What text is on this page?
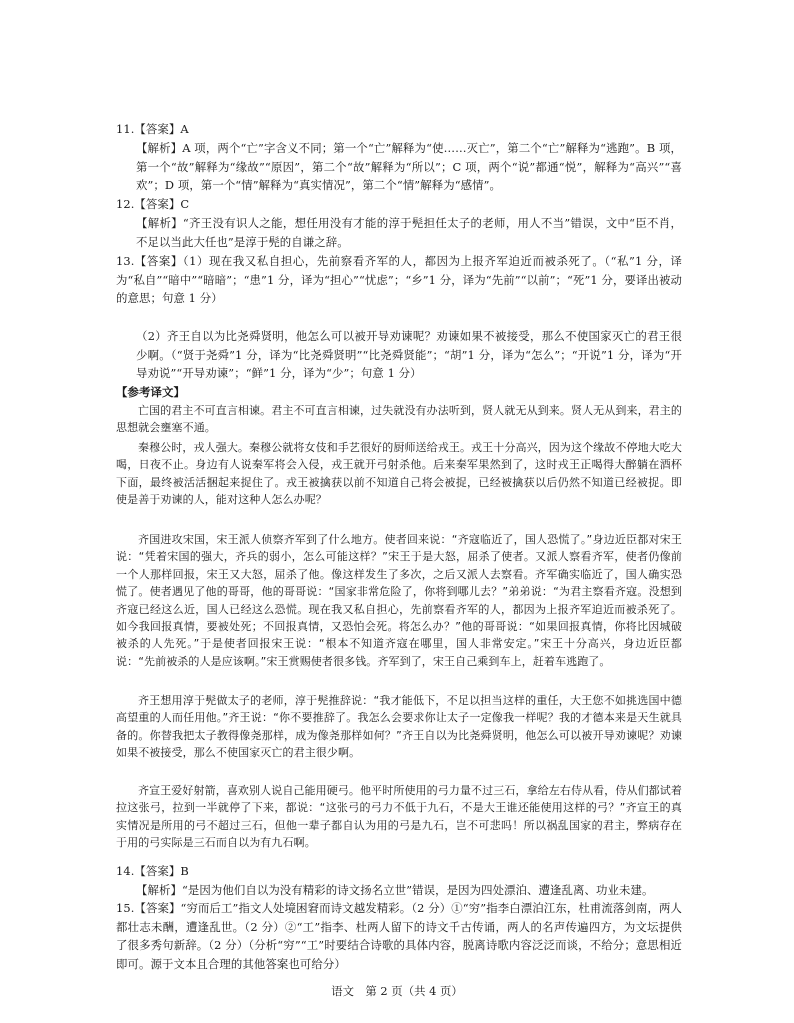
11.【答案】A
【解析】A 项，两个“亡”字含义不同；第一个“亡”解释为“使……灭亡”，第二个“亡”解释为“逃跑”。B 项，第一个“故”解释为“缘故”“原因”，第二个“故”解释为“所以”；C 项，两个“说”都通“悦”，解释为“高兴”“喜欢”；D 项，第一个“情”解释为“真实情况”，第二个“情”解释为“感情”。
12.【答案】C
【解析】“齐王没有识人之能，想任用没有才能的淳于髡担任太子的老师，用人不当”错误，文中“臣不肖，不足以当此大任也”是淳于髡的自谦之辞。
13.【答案】（1）现在我又私自担心，先前察看齐军的人，都因为上报齐军迫近而被杀死了。（“私”1 分，译为“私自”“暗中”“暗暗”；“患”1 分，译为“担心”“忧虑”；“乡”1 分，译为“先前”“以前”；“死”1 分，要译出被动的意思；句意 1 分）
（2）齐王自以为比尧舜贤明，他怎么可以被开导劝谏呢？劝谏如果不被接受，那么不使国家灭亡的君王很少啊。（“贤于尧舜”1 分，译为“比尧舜贤明”“比尧舜贤能”；“胡”1 分，译为“怎么”；“开说”1 分，译为“开导劝说”“开导劝谏”；“鲜”1 分，译为“少”；句意 1 分）
【参考译文】
亡国的君主不可直言相谏。君主不可直言相谏，过失就没有办法听到，贤人就无从到来。贤人无从到来，君主的思想就会壅塞不通。
秦穆公时，戎人强大。秦穆公就将女伎和手艺很好的厨师送给戎王。戎王十分高兴，因为这个缘故不停地大吃大喝，日夜不止。身边有人说秦军将会入侵，戎王就开弓射杀他。后来秦军果然到了，这时戎王正喝得大醉躺在酒杯下面，最终被活活捆起来捉住了。戎王被擒获以前不知道自己将会被捉，已经被擒获以后仍然不知道已经被捉。即使是善于劝谏的人，能对这种人怎么办呢？
齐国进攻宋国，宋王派人侦察齐军到了什么地方。使者回来说：“齐寇临近了，国人恐慌了。”身边近臣都对宋王说：“凭着宋国的强大，齐兵的弱小，怎么可能这样？”宋王于是大怒，屈杀了使者。又派人察看齐军，使者仍像前一个人那样回报，宋王又大怒，屈杀了他。像这样发生了多次，之后又派人去察看。齐军确实临近了，国人确实恐慌了。使者遇见了他的哥哥，他的哥哥说：“国家非常危险了，你将到哪儿去？”弟弟说：“为君主察看齐寇。没想到齐寇已经这么近，国人已经这么恐慌。现在我又私自担心，先前察看齐军的人，都因为上报齐军迫近而被杀死了。如今我回报真情，要被处死；不回报真情，又恐怕会死。将怎么办？”他的哥哥说：“如果回报真情，你将比因城破被杀的人先死。”于是使者回报宋王说：“根本不知道齐寇在哪里，国人非常安定。”宋王十分高兴，身边近臣都说：“先前被杀的人是应该啊。”宋王赏赐使者很多钱。齐军到了，宋王自己乘到车上，赶着车逃跑了。
齐王想用淳于髡做太子的老师，淳于髡推辞说：“我才能低下，不足以担当这样的重任，大王您不如挑选国中德高望重的人而任用他。”齐王说：“你不要推辞了。我怎么会要求你让太子一定像我一样呢？我的才德本来是天生就具备的。你替我把太子教得像尧那样，成为像尧那样如何？”齐王自以为比尧舜贤明，他怎么可以被开导劝谏呢？劝谏如果不被接受，那么不使国家灭亡的君主很少啊。
齐宣王爱好射箭，喜欢别人说自己能用硬弓。他平时所使用的弓力量不过三石，拿给左右侍从看，侍从们都试着拉这张弓，拉到一半就停了下来，都说：“这张弓的弓力不低于九石，不是大王谁还能使用这样的弓？”齐宣王的真实情况是所用的弓不超过三石，但他一辈子都自认为用的弓是九石，岂不可悲吗！所以祸乱国家的君主，弊病存在于用的弓实际是三石而自以为有九石啊。
14.【答案】B
【解析】“是因为他们自以为没有精彩的诗文扬名立世”错误，是因为四处漂泊、遭逢乱离、功业未建。
15.【答案】“穷而后工”指文人处境困窘而诗文越发精彩。（2 分）①“穷”指李白漂泊江东，杜甫流落剑南，两人都壮志未酬，遭逢乱世。（2 分）②“工”指李、杜两人留下的诗文千古传诵，两人的名声传遍四方，为文坛提供了很多秀句新辞。（2 分）（分析“穷”“工”时要结合诗歌的具体内容，脱离诗歌内容泛泛而谈，不给分；意思相近即可。源于文本且合理的其他答案也可给分）
语文　第 2 页（共 4 页）
